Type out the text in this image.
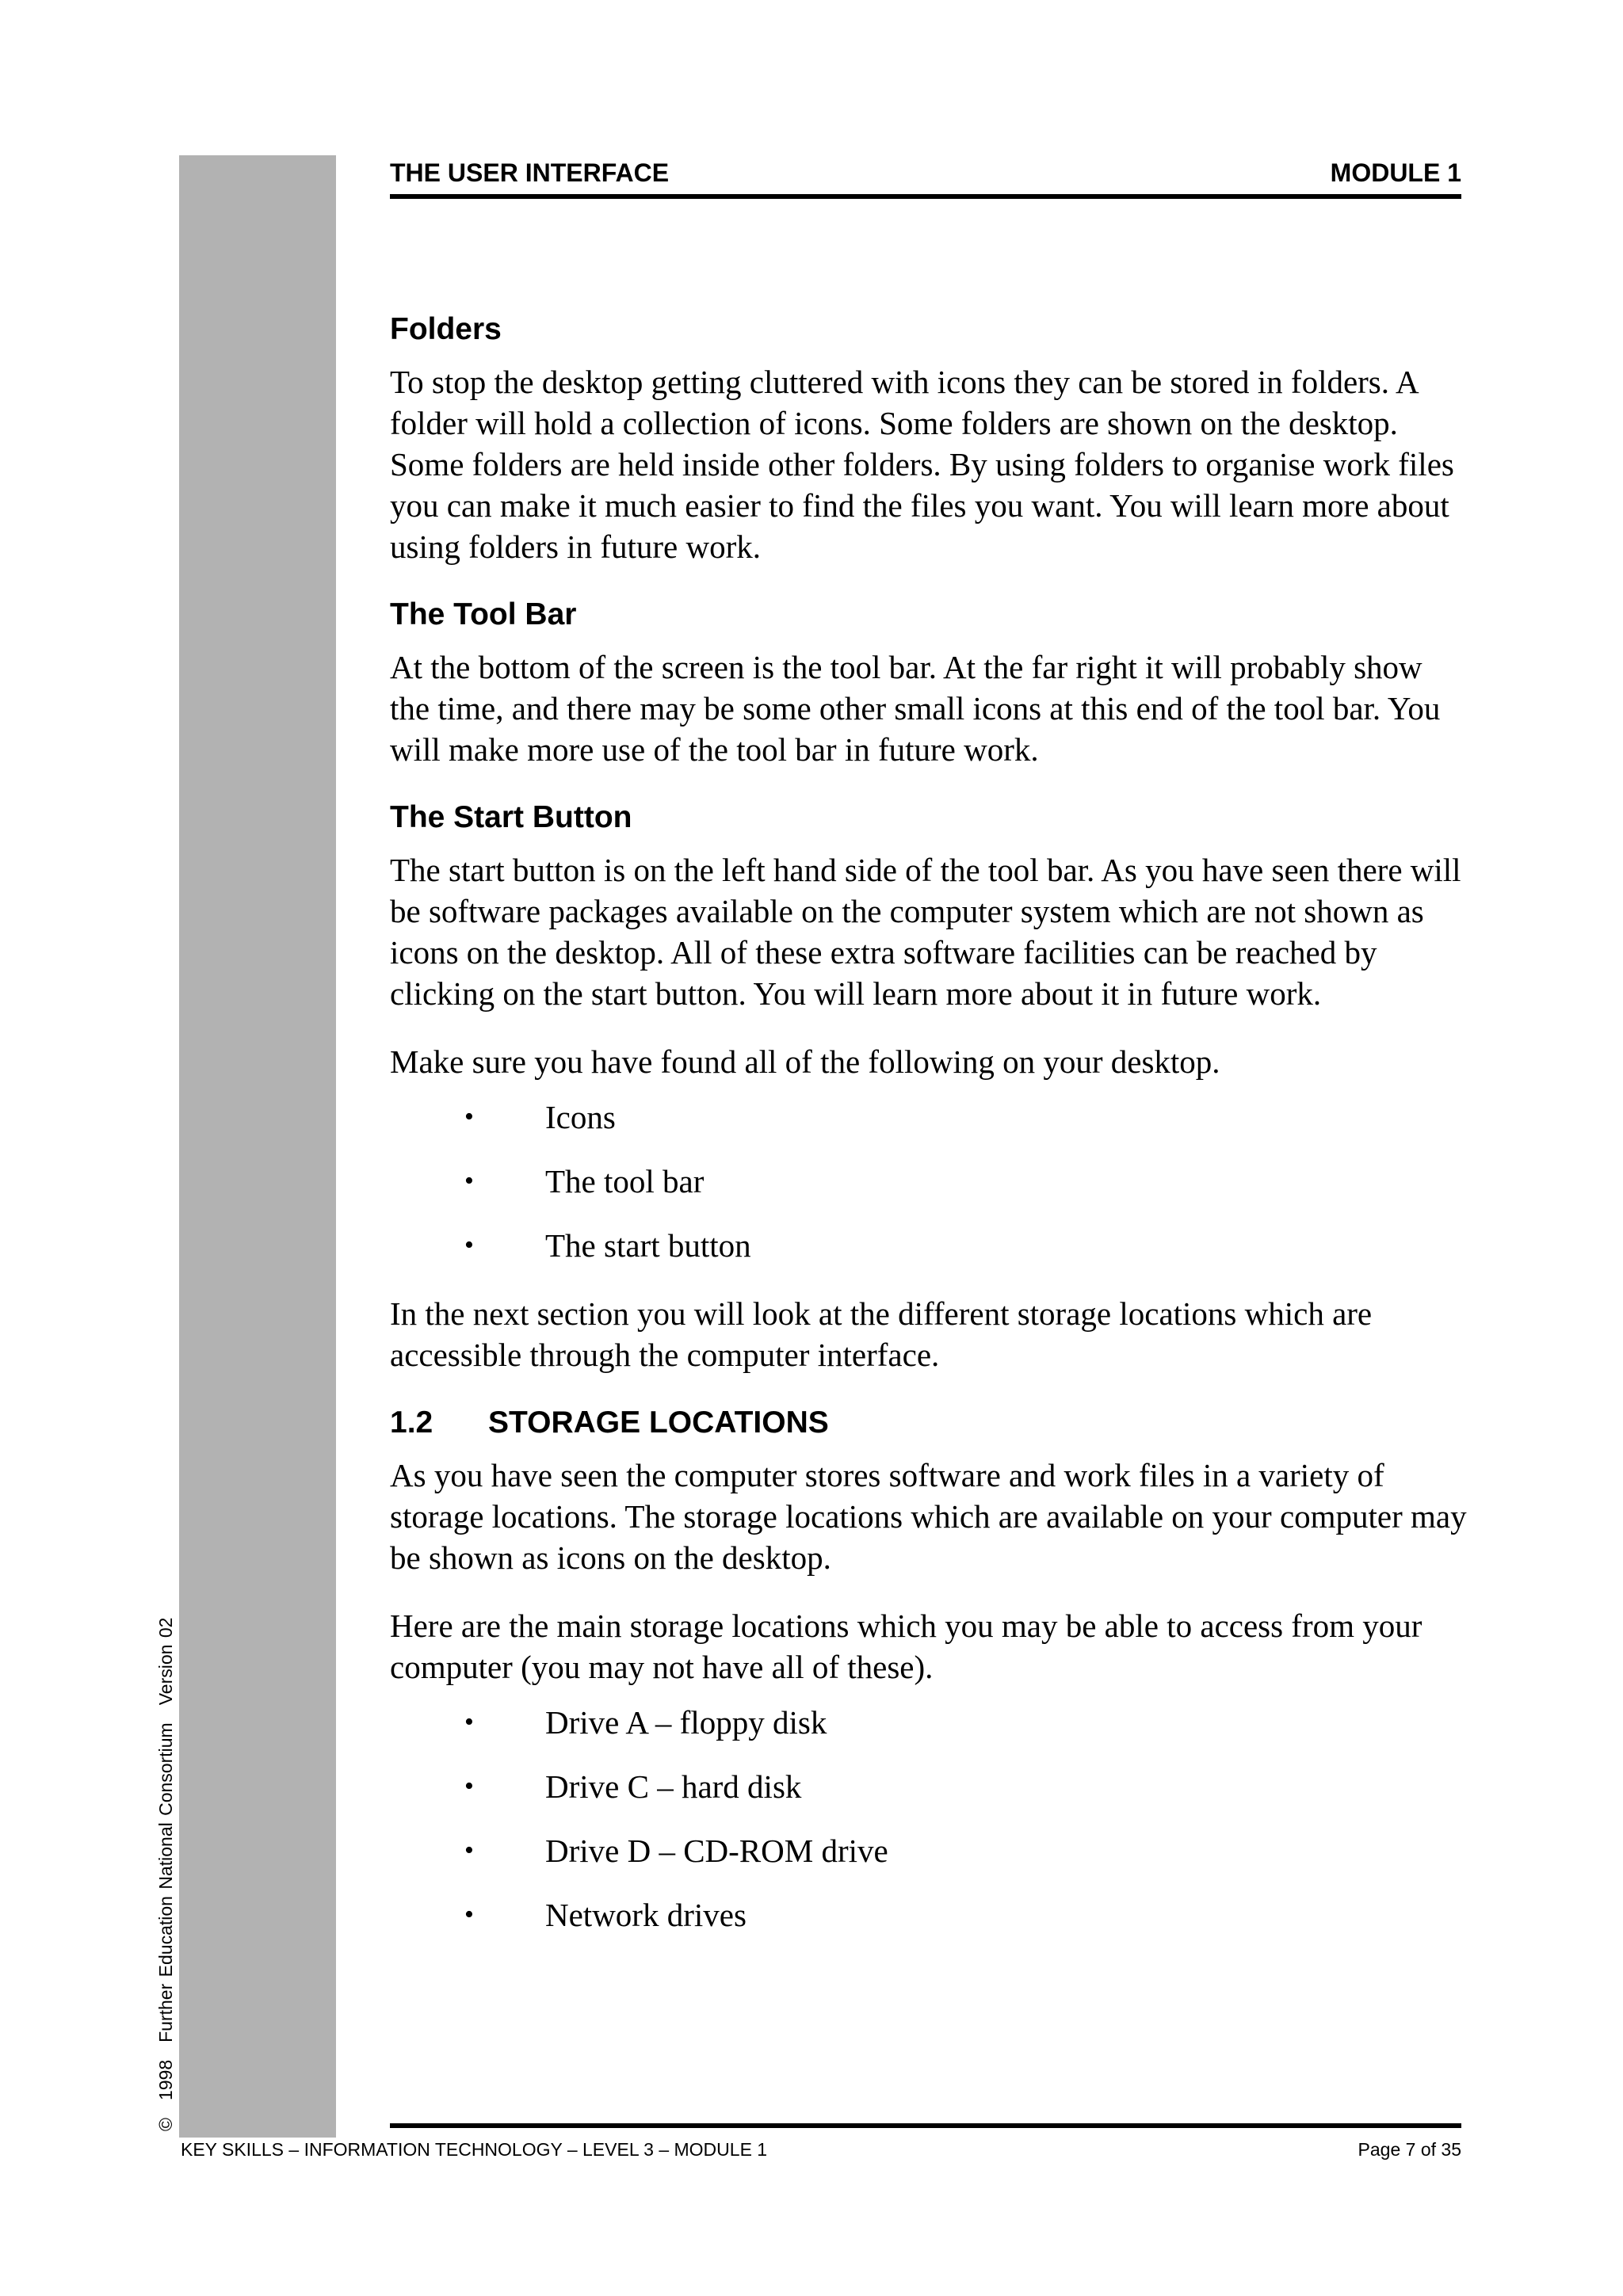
©1998Further Education National ConsortiumVersion 02
THE USER INTERFACE	MODULE 1
Folders

To stop the desktop getting cluttered with icons they can be stored in folders. A folder will hold a collection of icons. Some folders are shown on the desktop. Some folders are held inside other folders. By using folders to organise work files you can make it much easier to find the files you want. You will learn more about using folders in future work.

The Tool Bar

At the bottom of the screen is the tool bar. At the far right it will probably show the time, and there may be some other small icons at this end of the tool bar. You will make more use of the tool bar in future work.

The Start Button

The start button is on the left hand side of the tool bar. As you have seen there will be software packages available on the computer system which are not shown as icons on the desktop. All of these extra software facilities can be reached by clicking on the start button. You will learn more about it in future work.

Make sure you have found all of the following on your desktop.

• Icons
• The tool bar
• The start button

In the next section you will look at the different storage locations which are accessible through the computer interface.

1.2 STORAGE LOCATIONS

As you have seen the computer stores software and work files in a variety of storage locations. The storage locations which are available on your computer may be shown as icons on the desktop.

Here are the main storage locations which you may be able to access from your computer (you may not have all of these).

• Drive A – floppy disk
• Drive C – hard disk
• Drive D – CD-ROM drive
• Network drives
KEY SKILLS – INFORMATION TECHNOLOGY – LEVEL 3 – MODULE 1	Page 7 of 35
